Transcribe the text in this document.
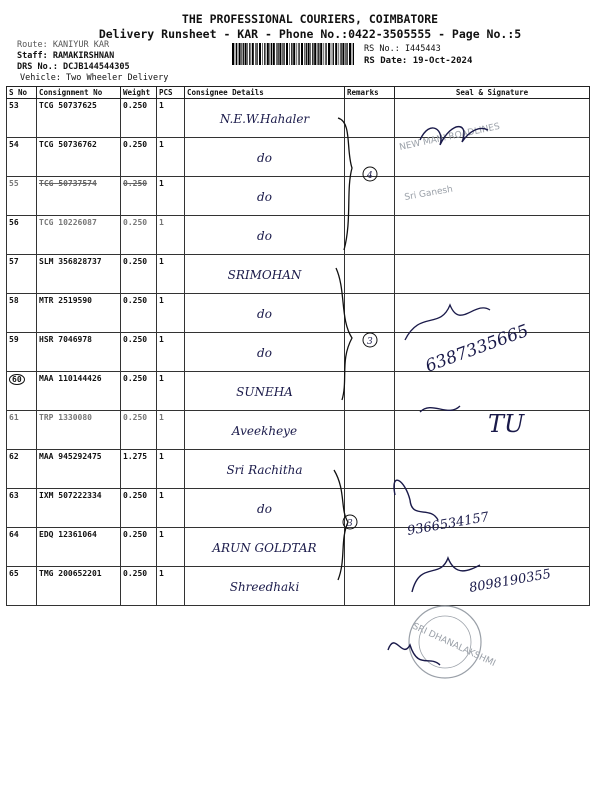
THE PROFESSIONAL COURIERS, COIMBATORE
Delivery Runsheet - KAR - Phone No.:0422-3505555 - Page No.:5
Route: KANIYUR KAR
Staff: RAMAKIRSHNAN
DRS No.: DCJB144544305
Vehicle: Two Wheeler Delivery
RS No.: I445443
RS Date: 19-Oct-2024
S No	Consignment No	Weight	PCS	Consignee Details	Remarks	Seal & Signature
53	TCG 50737625	0.250	1	N.E.W.Hahaler		
54	TCG 50736762	0.250	1	do		
55	TCG 50737574	0.250	1	do		
56	TCG 10226087	0.250	1	do		
57	SLM 356828737	0.250	1	SRIMOHAN		
58	MTR 2519590	0.250	1	do		
59	HSR 7046978	0.250	1	do		
60	MAA 110144426	0.250	1	SUNEHA		
61	TRP 1330080	0.250	1	Aveekheye		
62	MAA 945292475	1.275	1	Sri Rachitha		
63	IXM 507222334	0.250	1	do		
64	EDQ 12361064	0.250	1	ARUN GOLDTAR		
65	TMG 200652201	0.250	1	Shreedhaki		
4
3
3
NEW MANI ROADLINES
Sri Ganesh
SRI DHANALAKSHMI
6387335665
TU
9366534157
8098190355
